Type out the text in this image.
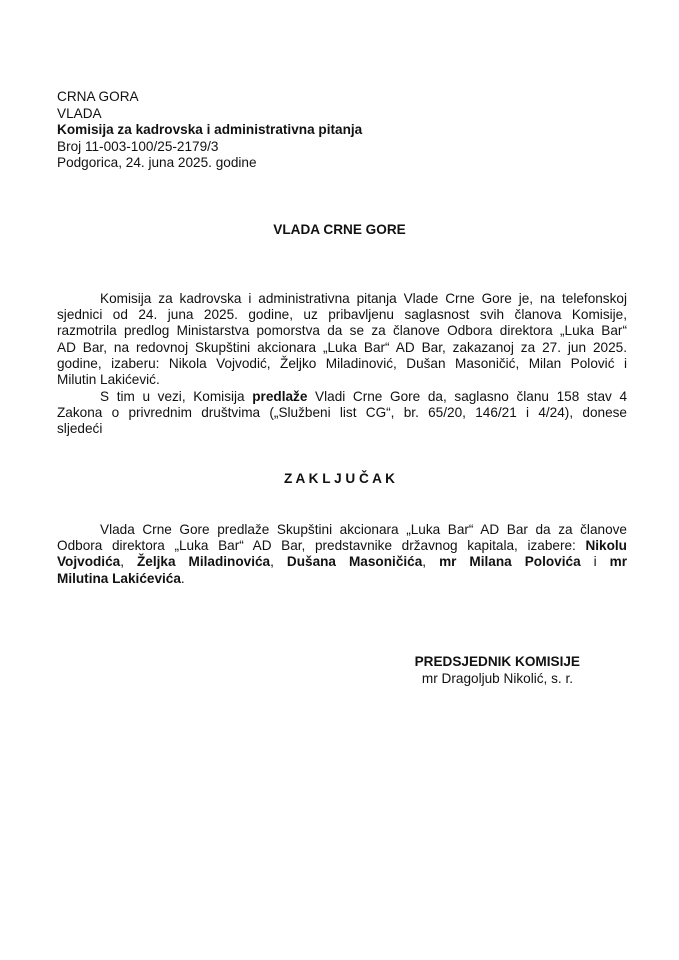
CRNA GORA
VLADA
Komisija za kadrovska i administrativna pitanja
Broj 11-003-100/25-2179/3
Podgorica, 24. juna 2025. godine
VLADA CRNE GORE
Komisija za kadrovska i administrativna pitanja Vlade Crne Gore je, na telefonskoj
sjednici od 24. juna 2025. godine, uz pribavljenu saglasnost svih članova Komisije,
razmotrila predlog Ministarstva pomorstva da se za članove Odbora direktora „Luka Bar“
AD Bar, na redovnoj Skupštini akcionara „Luka Bar“ AD Bar, zakazanoj za 27. jun 2025.
godine, izaberu: Nikola Vojvodić, Željko Miladinović, Dušan Masoničić, Milan Polović i
Milutin Lakićević.
S tim u vezi, Komisija predlaže Vladi Crne Gore da, saglasno članu 158 stav 4
Zakona o privrednim društvima („Službeni list CG“, br. 65/20, 146/21 i 4/24), donese
sljedeći
Z A K L J U Č A K
Vlada Crne Gore predlaže Skupštini akcionara „Luka Bar“ AD Bar da za članove
Odbora direktora „Luka Bar“ AD Bar, predstavnike državnog kapitala, izabere: Nikolu
Vojvodića, Željka Miladinovića, Dušana Masoničića, mr Milana Polovića i mr
Milutina Lakićevića.
PREDSJEDNIK KOMISIJE
mr Dragoljub Nikolić, s. r.
